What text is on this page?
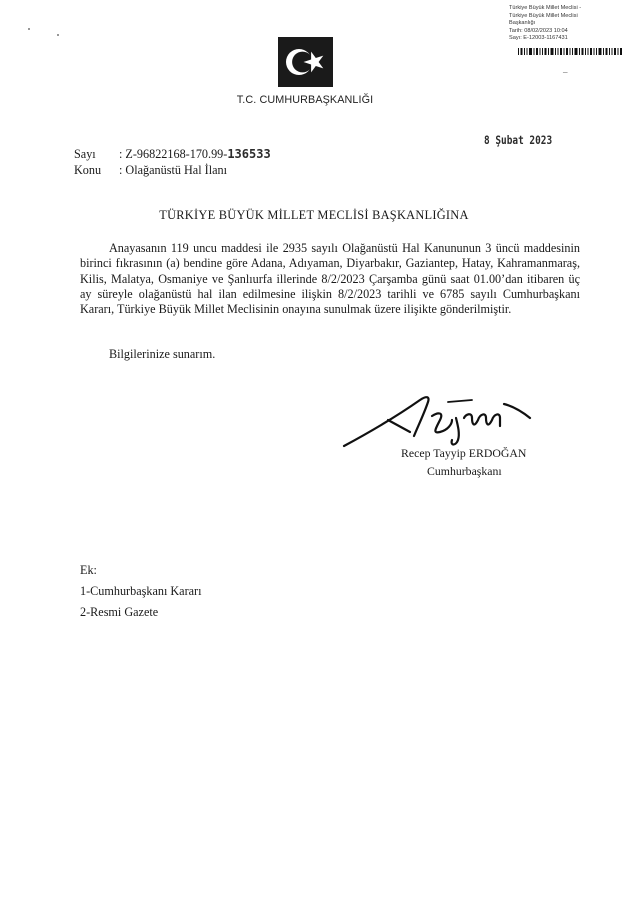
Türkiye Büyük Millet Meclisi -
Türkiye Büyük Millet Meclisi
Başkanlığı
Tarih: 08/02/2023 10:04
Sayı: E-12003-1167431
–
T.C. CUMHURBAŞKANLIĞI
8 Şubat 2023
Sayı : Z-96822168-170.99-136533
Konu : Olağanüstü Hal İlanı
TÜRKİYE BÜYÜK MİLLET MECLİSİ BAŞKANLIĞINA

Anayasanın 119 uncu maddesi ile 2935 sayılı Olağanüstü Hal Kanununun 3 üncü maddesinin birinci fıkrasının (a) bendine göre Adana, Adıyaman, Diyarbakır, Gaziantep, Hatay, Kahramanmaraş, Kilis, Malatya, Osmaniye ve Şanlıurfa illerinde 8/2/2023 Çarşamba günü saat 01.00’dan itibaren üç ay süreyle olağanüstü hal ilan edilmesine ilişkin 8/2/2023 tarihli ve 6785 sayılı Cumhurbaşkanı Kararı, Türkiye Büyük Millet Meclisinin onayına sunulmak üzere ilişikte gönderilmiştir.

Bilgilerinize sunarım.
Recep Tayyip ERDOĞAN
Cumhurbaşkanı
Ek:
1-Cumhurbaşkanı Kararı
2-Resmi Gazete
